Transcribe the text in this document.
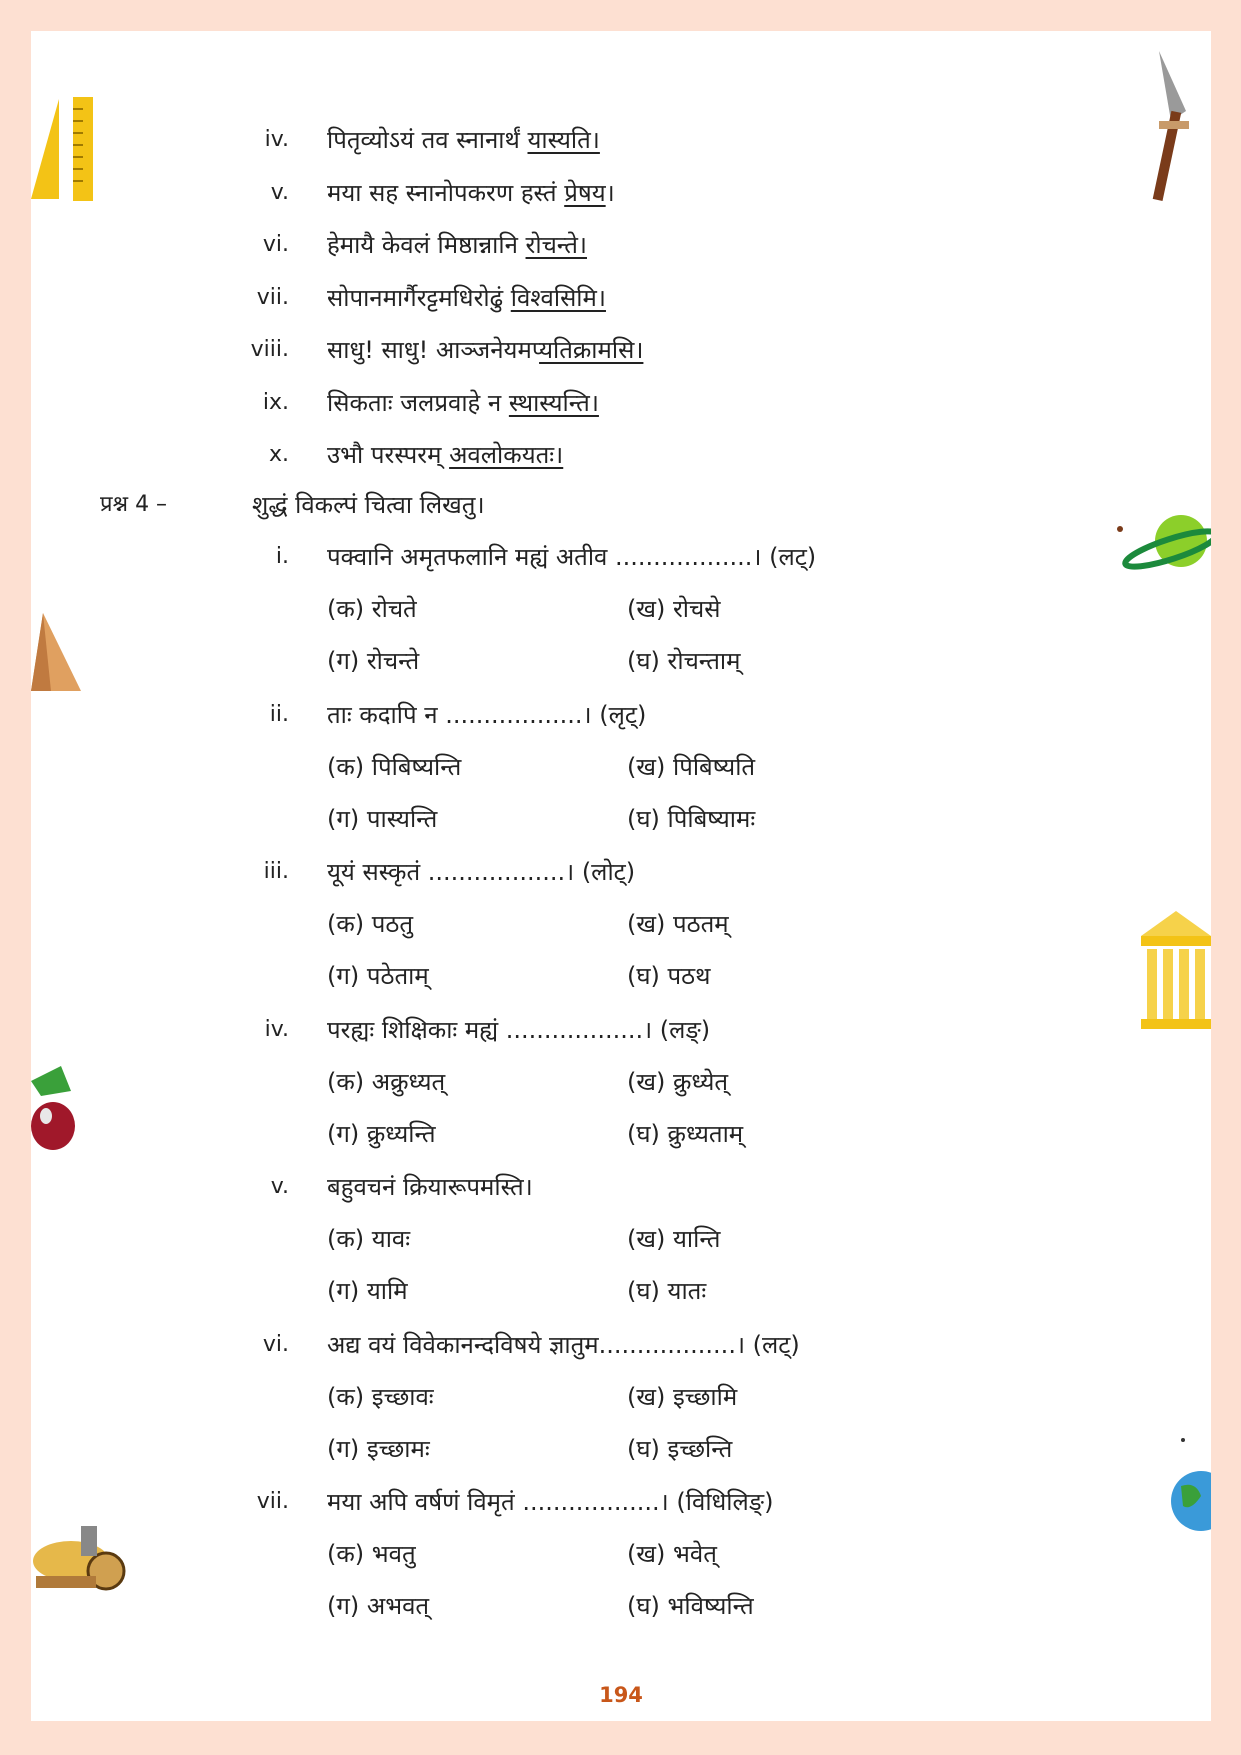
iv. पितृव्योऽयं तव स्नानार्थं यास्यति।
v. मया सह स्नानोपकरण हस्तं प्रेषय।
vi. हेमायै केवलं मिष्ठान्नानि रोचन्ते।
vii. सोपानमार्गैरट्टमधिरोढुं विश्वसिमि।
viii. साधु! साधु! आञ्जनेयमप्यतिक्रामसि।
ix. सिकताः जलप्रवाहे न स्थास्यन्ति।
x. उभौ परस्परम् अवलोकयतः।
प्रश्न 4 –	शुद्धं विकल्पं चित्वा लिखतु।
i. पक्वानि अमृतफलानि मह्यं अतीव ..................। (लट्)
(क) रोचते	(ख) रोचसे
(ग) रोचन्ते	(घ) रोचन्ताम्
ii. ताः कदापि न ..................। (लृट्)
(क) पिबिष्यन्ति	(ख) पिबिष्यति
(ग) पास्यन्ति	(घ) पिबिष्यामः
iii. यूयं सस्कृतं ..................। (लोट्)
(क) पठतु	(ख) पठतम्
(ग) पठेताम्	(घ) पठथ
iv. परह्यः शिक्षिकाः मह्यं ..................। (लङ्)
(क) अक्रुध्यत्	(ख) क्रुध्येत्
(ग) क्रुध्यन्ति	(घ) क्रुध्यताम्
v. बहुवचनं क्रियारूपमस्ति।
(क) यावः	(ख) यान्ति
(ग) यामि	(घ) यातः
vi. अद्य वयं विवेकानन्दविषये ज्ञातुम..................। (लट्)
(क) इच्छावः	(ख) इच्छामि
(ग) इच्छामः	(घ) इच्छन्ति
vii. मया अपि वर्षणं विमृतं ..................। (विधिलिङ्)
(क) भवतु	(ख) भवेत्
(ग) अभवत्	(घ) भविष्यन्ति
194
